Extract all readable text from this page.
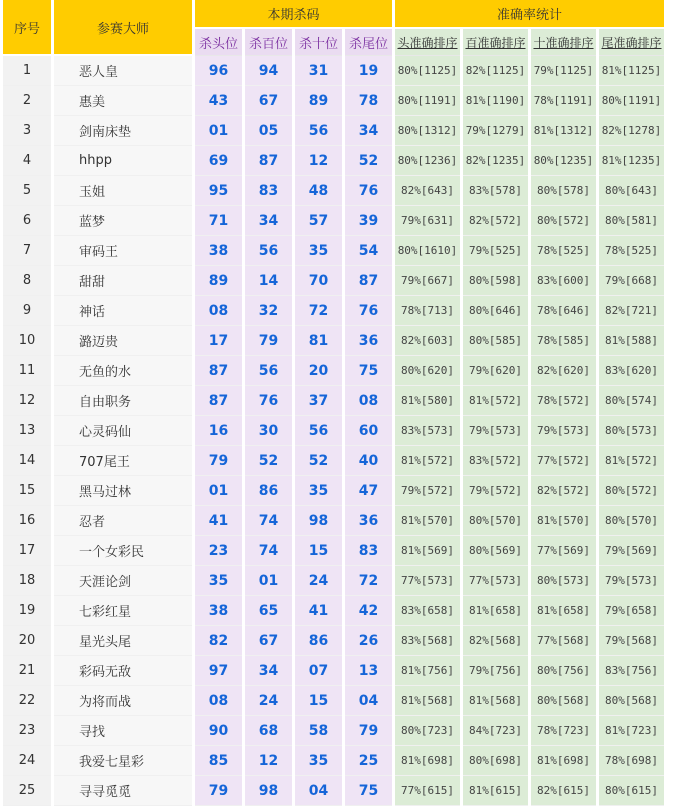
序号	参赛大师	本期杀码				准确率统计			
		杀头位	杀百位	杀十位	杀尾位	头准确排序	百准确排序	十准确排序	尾准确排序
1	恶人皇	96	94	31	19	80%[1125]	82%[1125]	79%[1125]	81%[1125]
2	惠美	43	67	89	78	80%[1191]	81%[1190]	78%[1191]	80%[1191]
3	剑南床垫	01	05	56	34	80%[1312]	79%[1279]	81%[1312]	82%[1278]
4	hhpp	69	87	12	52	80%[1236]	82%[1235]	80%[1235]	81%[1235]
5	玉姐	95	83	48	76	82%[643]	83%[578]	80%[578]	80%[643]
6	蓝梦	71	34	57	39	79%[631]	82%[572]	80%[572]	80%[581]
7	审码王	38	56	35	54	80%[1610]	79%[525]	78%[525]	78%[525]
8	甜甜	89	14	70	87	79%[667]	80%[598]	83%[600]	79%[668]
9	神话	08	32	72	76	78%[713]	80%[646]	78%[646]	82%[721]
10	潞迈贵	17	79	81	36	82%[603]	80%[585]	78%[585]	81%[588]
11	无鱼的水	87	56	20	75	80%[620]	79%[620]	82%[620]	83%[620]
12	自由职务	87	76	37	08	81%[580]	81%[572]	78%[572]	80%[574]
13	心灵码仙	16	30	56	60	83%[573]	79%[573]	79%[573]	80%[573]
14	707尾王	79	52	52	40	81%[572]	83%[572]	77%[572]	81%[572]
15	黑马过林	01	86	35	47	79%[572]	79%[572]	82%[572]	80%[572]
16	忍者	41	74	98	36	81%[570]	80%[570]	81%[570]	80%[570]
17	一个女彩民	23	74	15	83	81%[569]	80%[569]	77%[569]	79%[569]
18	天涯论剑	35	01	24	72	77%[573]	77%[573]	80%[573]	79%[573]
19	七彩红星	38	65	41	42	83%[658]	81%[658]	81%[658]	79%[658]
20	星光头尾	82	67	86	26	83%[568]	82%[568]	77%[568]	79%[568]
21	彩码无敌	97	34	07	13	81%[756]	79%[756]	80%[756]	83%[756]
22	为将而战	08	24	15	04	81%[568]	81%[568]	80%[568]	80%[568]
23	寻找	90	68	58	79	80%[723]	84%[723]	78%[723]	81%[723]
24	我爱七星彩	85	12	35	25	81%[698]	80%[698]	81%[698]	78%[698]
25	寻寻觅觅	79	98	04	75	77%[615]	81%[615]	82%[615]	80%[615]
